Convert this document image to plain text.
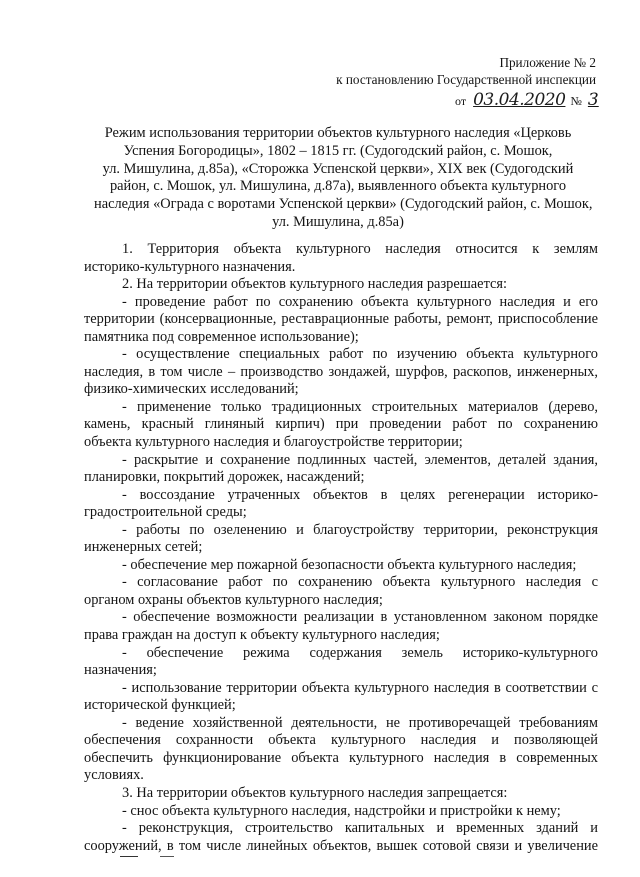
Приложение № 2
к постановлению Государственной инспекции
от 03.04.2020 № 3
Режим использования территории объектов культурного наследия «Церковь
Успения Богородицы», 1802 – 1815 гг. (Судогодский район, с. Мошок,
ул. Мишулина, д.85а), «Сторожка Успенской церкви», XIX век (Судогодский
район, с. Мошок, ул. Мишулина, д.87а), выявленного объекта культурного
наследия «Ограда с воротами Успенской церкви» (Судогодский район, с. Мошок,
ул. Мишулина, д.85а)
1. Территория объекта культурного наследия относится к землям
историко-культурного назначения.
2. На территории объектов культурного наследия разрешается:
- проведение работ по сохранению объекта культурного наследия и его
территории (консервационные, реставрационные работы, ремонт, приспособление
памятника под современное использование);
- осуществление специальных работ по изучению объекта культурного
наследия, в том числе – производство зондажей, шурфов, раскопов, инженерных,
физико-химических исследований;
- применение только традиционных строительных материалов (дерево,
камень, красный глиняный кирпич) при проведении работ по сохранению
объекта культурного наследия и благоустройстве территории;
- раскрытие и сохранение подлинных частей, элементов, деталей здания,
планировки, покрытий дорожек, насаждений;
- воссоздание утраченных объектов в целях регенерации историко-
градостроительной среды;
- работы по озеленению и благоустройству территории, реконструкция
инженерных сетей;
- обеспечение мер пожарной безопасности объекта культурного наследия;
- согласование работ по сохранению объекта культурного наследия с
органом охраны объектов культурного наследия;
- обеспечение возможности реализации в установленном законом порядке
права граждан на доступ к объекту культурного наследия;
- обеспечение режима содержания земель историко-культурного
назначения;
- использование территории объекта культурного наследия в соответствии с
исторической функцией;
- ведение хозяйственной деятельности, не противоречащей требованиям
обеспечения сохранности объекта культурного наследия и позволяющей
обеспечить функционирование объекта культурного наследия в современных
условиях.
3. На территории объектов культурного наследия запрещается:
- снос объекта культурного наследия, надстройки и пристройки к нему;
- реконструкция, строительство капитальных и временных зданий и
сооружений, в том числе линейных объектов, вышек сотовой связи и увеличение
